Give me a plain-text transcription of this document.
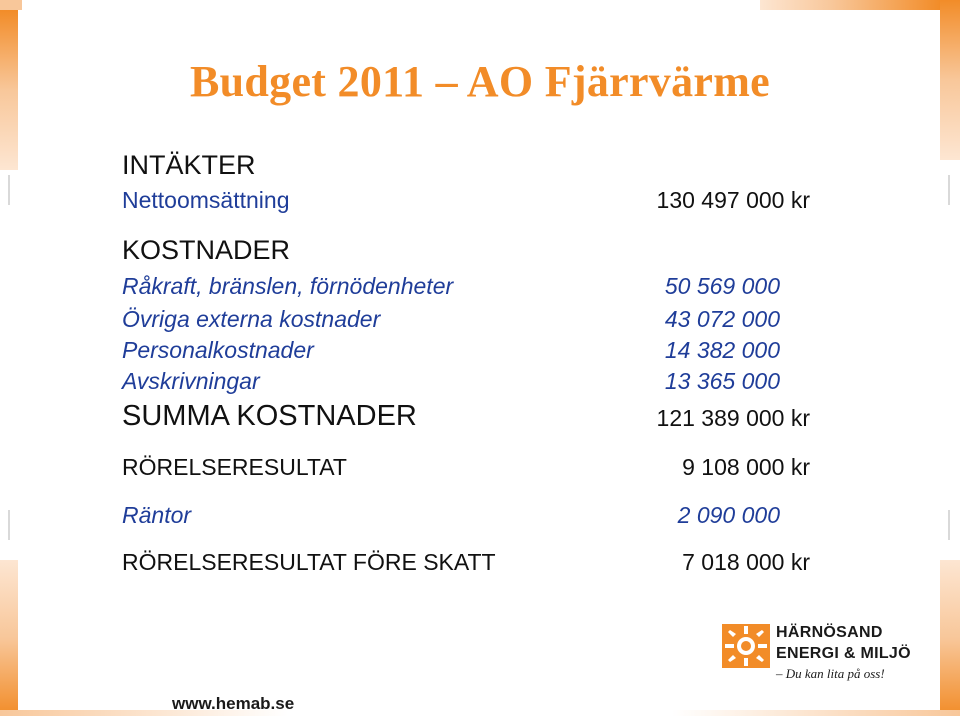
Budget 2011 – AO Fjärrvärme
INTÄKTER
Nettoomsättning	130 497 000 kr
KOSTNADER
Råkraft, bränslen, förnödenheter	50 569 000
Övriga externa kostnader	43 072 000
Personalkostnader	14 382 000
Avskrivningar	13 365 000
SUMMA KOSTNADER	121 389 000 kr
RÖRELSERESULTAT	9 108 000 kr
Räntor	2 090 000
RÖRELSERESULTAT FÖRE SKATT	7 018 000 kr
HÄRNÖSAND
ENERGI & MILJÖ
– Du kan lita på oss!
www.hemab.se
